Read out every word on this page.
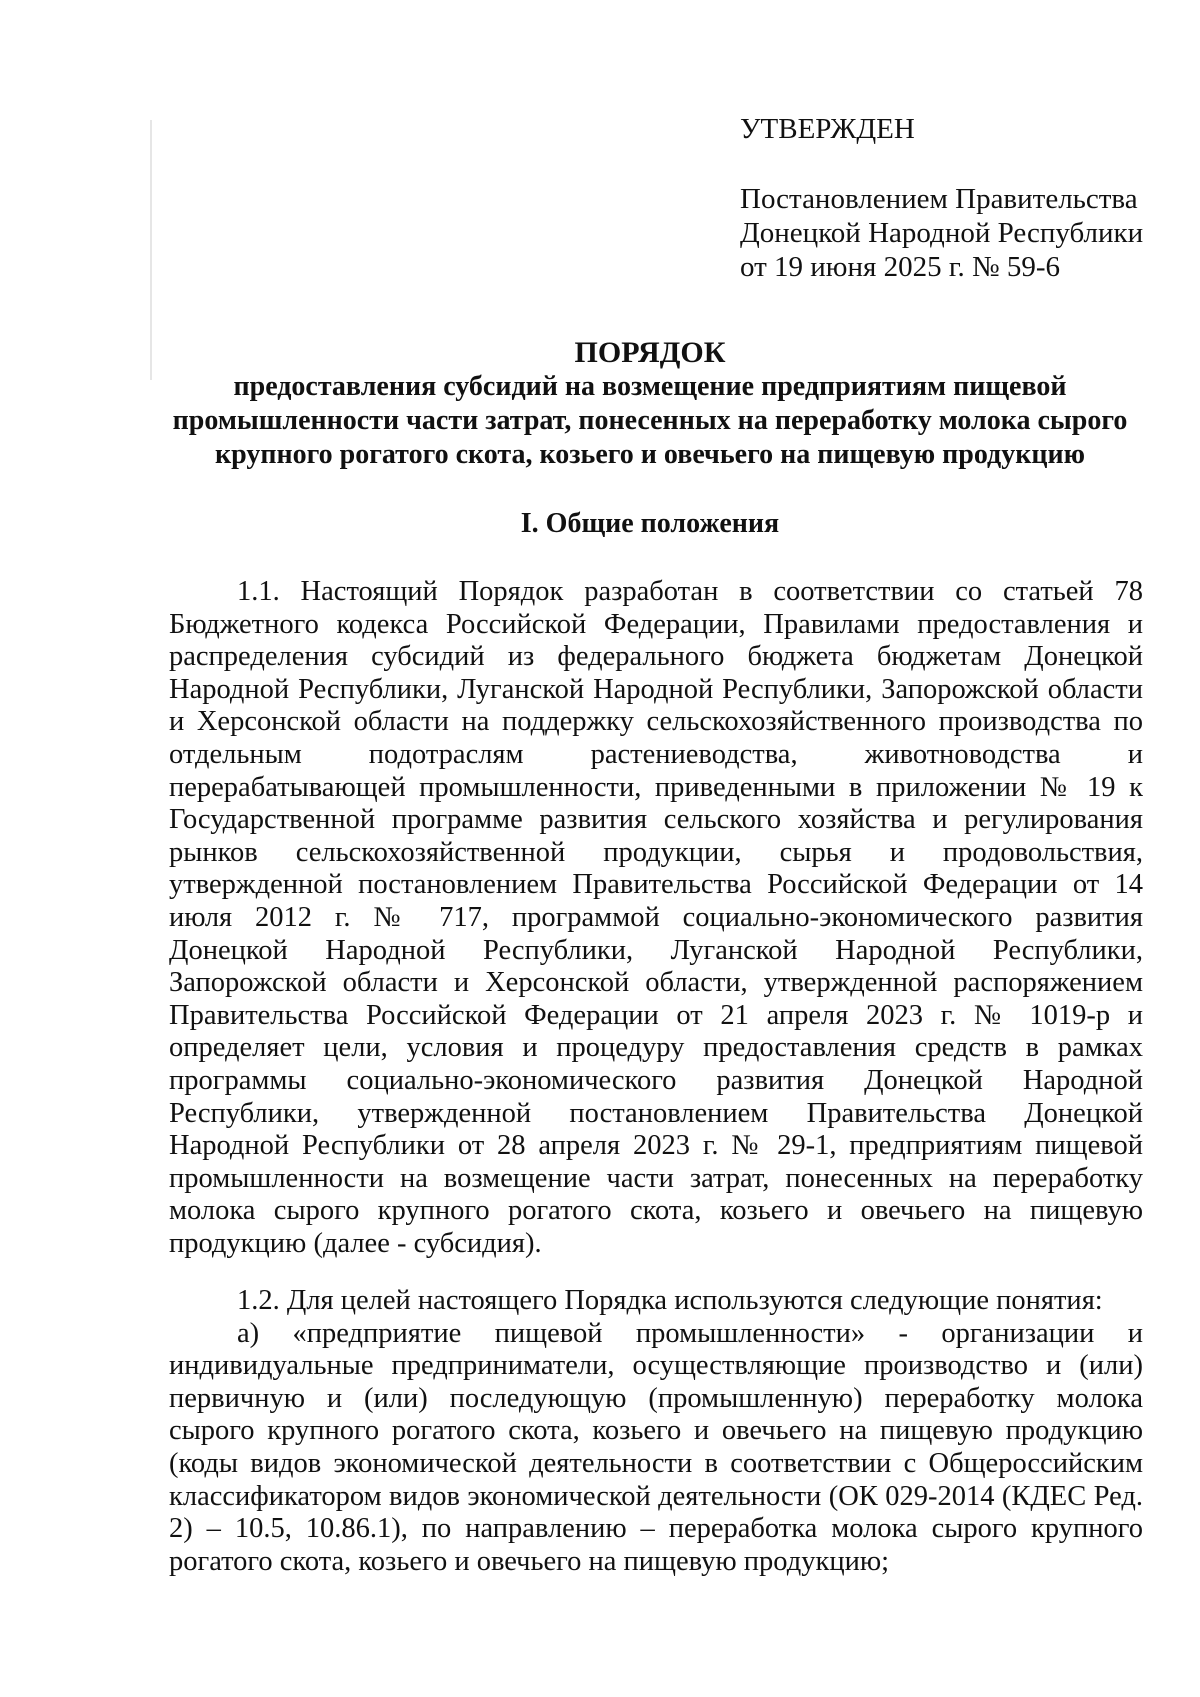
УТВЕРЖДЕН
Постановлением Правительства
Донецкой Народной Республики
от 19 июня 2025 г. № 59-6
ПОРЯДОК
предоставления субсидий на возмещение предприятиям пищевой промышленности части затрат, понесенных на переработку молока сырого крупного рогатого скота, козьего и овечьего на пищевую продукцию
I. Общие положения

1.1. Настоящий Порядок разработан в соответствии со статьей 78 Бюджетного кодекса Российской Федерации, Правилами предоставления и распределения субсидий из федерального бюджета бюджетам Донецкой Народной Республики, Луганской Народной Республики, Запорожской области и Херсонской области на поддержку сельскохозяйственного производства по отдельным подотраслям растениеводства, животноводства и перерабатывающей промышленности, приведенными в приложении № 19 к Государственной программе развития сельского хозяйства и регулирования рынков сельскохозяйственной продукции, сырья и продовольствия, утвержденной постановлением Правительства Российской Федерации от 14 июля 2012 г. № 717, программой социально-экономического развития Донецкой Народной Республики, Луганской Народной Республики, Запорожской области и Херсонской области, утвержденной распоряжением Правительства Российской Федерации от 21 апреля 2023 г. № 1019-р и определяет цели, условия и процедуру предоставления средств в рамках программы социально-экономического развития Донецкой Народной Республики, утвержденной постановлением Правительства Донецкой Народной Республики от 28 апреля 2023 г. № 29-1, предприятиям пищевой промышленности на возмещение части затрат, понесенных на переработку молока сырого крупного рогатого скота, козьего и овечьего на пищевую продукцию (далее - субсидия).

1.2. Для целей настоящего Порядка используются следующие понятия:

а) «предприятие пищевой промышленности» - организации и индивидуальные предприниматели, осуществляющие производство и (или) первичную и (или) последующую (промышленную) переработку молока сырого крупного рогатого скота, козьего и овечьего на пищевую продукцию (коды видов экономической деятельности в соответствии с Общероссийским классификатором видов экономической деятельности (ОК 029-2014 (КДЕС Ред. 2) – 10.5, 10.86.1), по направлению – переработка молока сырого крупного рогатого скота, козьего и овечьего на пищевую продукцию;
